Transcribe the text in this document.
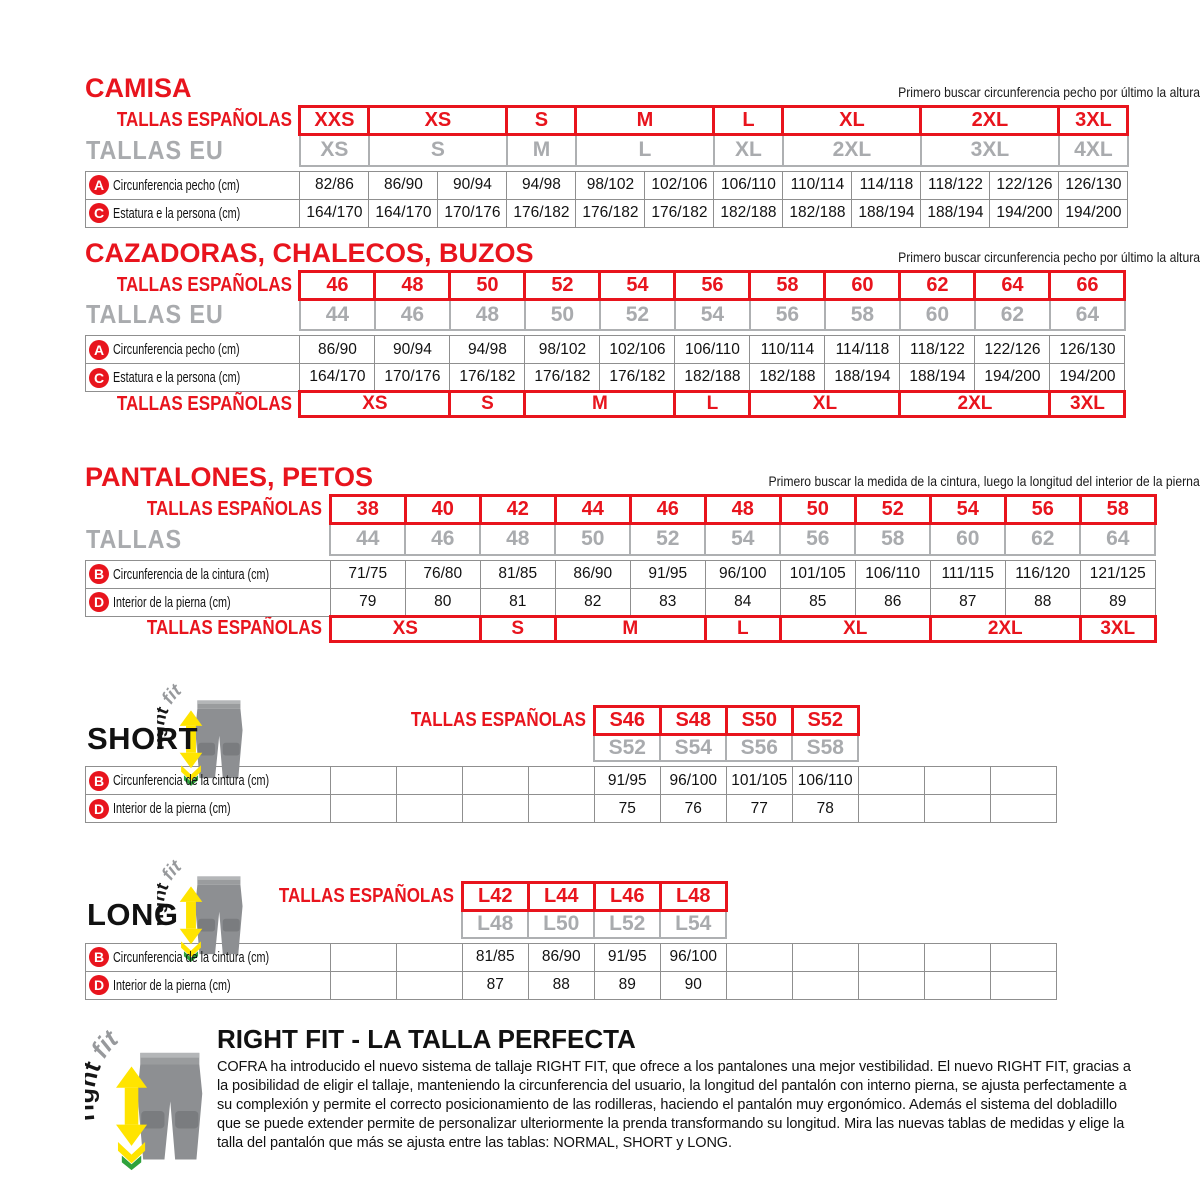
CAMISA	Primero buscar circunferencia pecho por último la altura
TALLAS ESPAÑOLAS	XXS	XS		S	M		L	XL		2XL		3XL
TALLAS EU	XS	S		M	L		XL	2XL		3XL		4XL

A Circunferencia pecho (cm)	82/86	86/90	90/94	94/98	98/102	102/106	106/110	110/114	114/118	118/122	122/126	126/130
C Estatura e la persona (cm)	164/170	164/170	170/176	176/182	176/182	176/182	182/188	182/188	188/194	188/194	194/200	194/200
CAZADORAS, CHALECOS, BUZOS	Primero buscar circunferencia pecho por último la altura
TALLAS ESPAÑOLAS	46	48	50	52	54	56	58	60	62	64	66
TALLAS EU	44	46	48	50	52	54	56	58	60	62	64

A Circunferencia pecho (cm)	86/90	90/94	94/98	98/102	102/106	106/110	110/114	114/118	118/122	122/126	126/130
C Estatura e la persona (cm)	164/170	170/176	176/182	176/182	176/182	182/188	182/188	188/194	188/194	194/200	194/200
TALLAS ESPAÑOLAS	XS		S	M		L	XL		2XL		3XL
PANTALONES, PETOS	Primero buscar la medida de la cintura, luego la longitud del interior de la pierna
TALLAS ESPAÑOLAS	38	40	42	44	46	48	50	52	54	56	58
TALLAS	44	46	48	50	52	54	56	58	60	62	64

B Circunferencia de la cintura (cm)	71/75	76/80	81/85	86/90	91/95	96/100	101/105	106/110	111/115	116/120	121/125
D Interior de la pierna (cm)	79	80	81	82	83	84	85	86	87	88	89
TALLAS ESPAÑOLAS	XS		S	M		L	XL		2XL		3XL
SHORT
TALLAS ESPAÑOLAS					S46	S48	S50	S52			
					S52	S54	S56	S58			

B Circunferencia de la cintura (cm)					91/95	96/100	101/105	106/110			
D Interior de la pierna (cm)					75	76	77	78			
LONG
TALLAS ESPAÑOLAS			L42	L44	L46	L48					
			L48	L50	L52	L54					

B Circunferencia de la cintura (cm)			81/85	86/90	91/95	96/100					
D Interior de la pierna (cm)			87	88	89	90					
RIGHT FIT - LA TALLA PERFECTA
COFRA ha introducido el nuevo sistema de tallaje RIGHT FIT, que ofrece a los pantalones una mejor vestibilidad. El nuevo RIGHT FIT, gracias a la posibilidad de eligir el tallaje, manteniendo la circunferencia del usuario, la longitud del pantalón con interno pierna, se ajusta perfectamente a su complexión y permite el correcto posicionamiento de las rodilleras, haciendo el pantalón muy ergonómico. Además el sistema del dobladillo que se puede extender permite de personalizar ulteriormente la prenda transformando su longitud. Mira las nuevas tablas de medidas y elige la talla del pantalón que más se ajusta entre las tablas: NORMAL, SHORT y LONG.
